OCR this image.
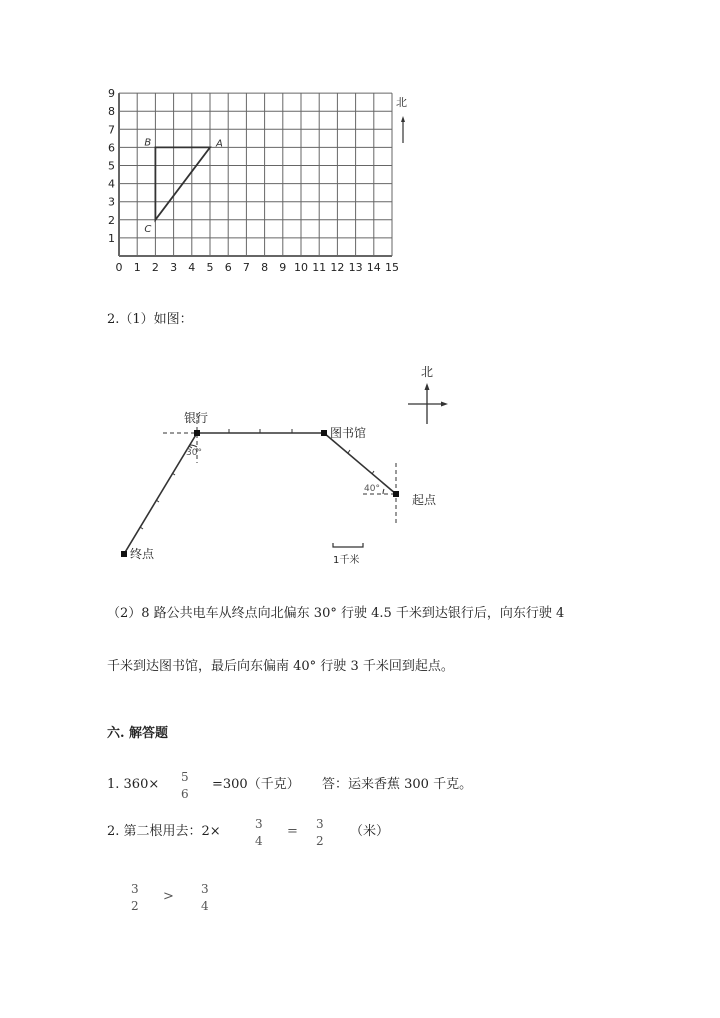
0 1 2 3 4 5 6 7 8 9 10 11 12 13 14 15
1
2
3
4
5
6
7
8
9
A
B
C
北
2.（1）如图：
北
银行
图书馆
起点
终点
30°
40°
1千米
（2）8 路公共电车从终点向北偏东 30° 行驶 4.5 千米到达银行后，向东行驶 4
千米到达图书馆，最后向东偏南 40° 行驶 3 千米回到起点。
六. 解答题
1. 360× 5
6
=300（千克） 答：运来香蕉 300 千克。
2. 第二根用去：2×	3
4
= 3
2
（米）
3
2
> 3
4
